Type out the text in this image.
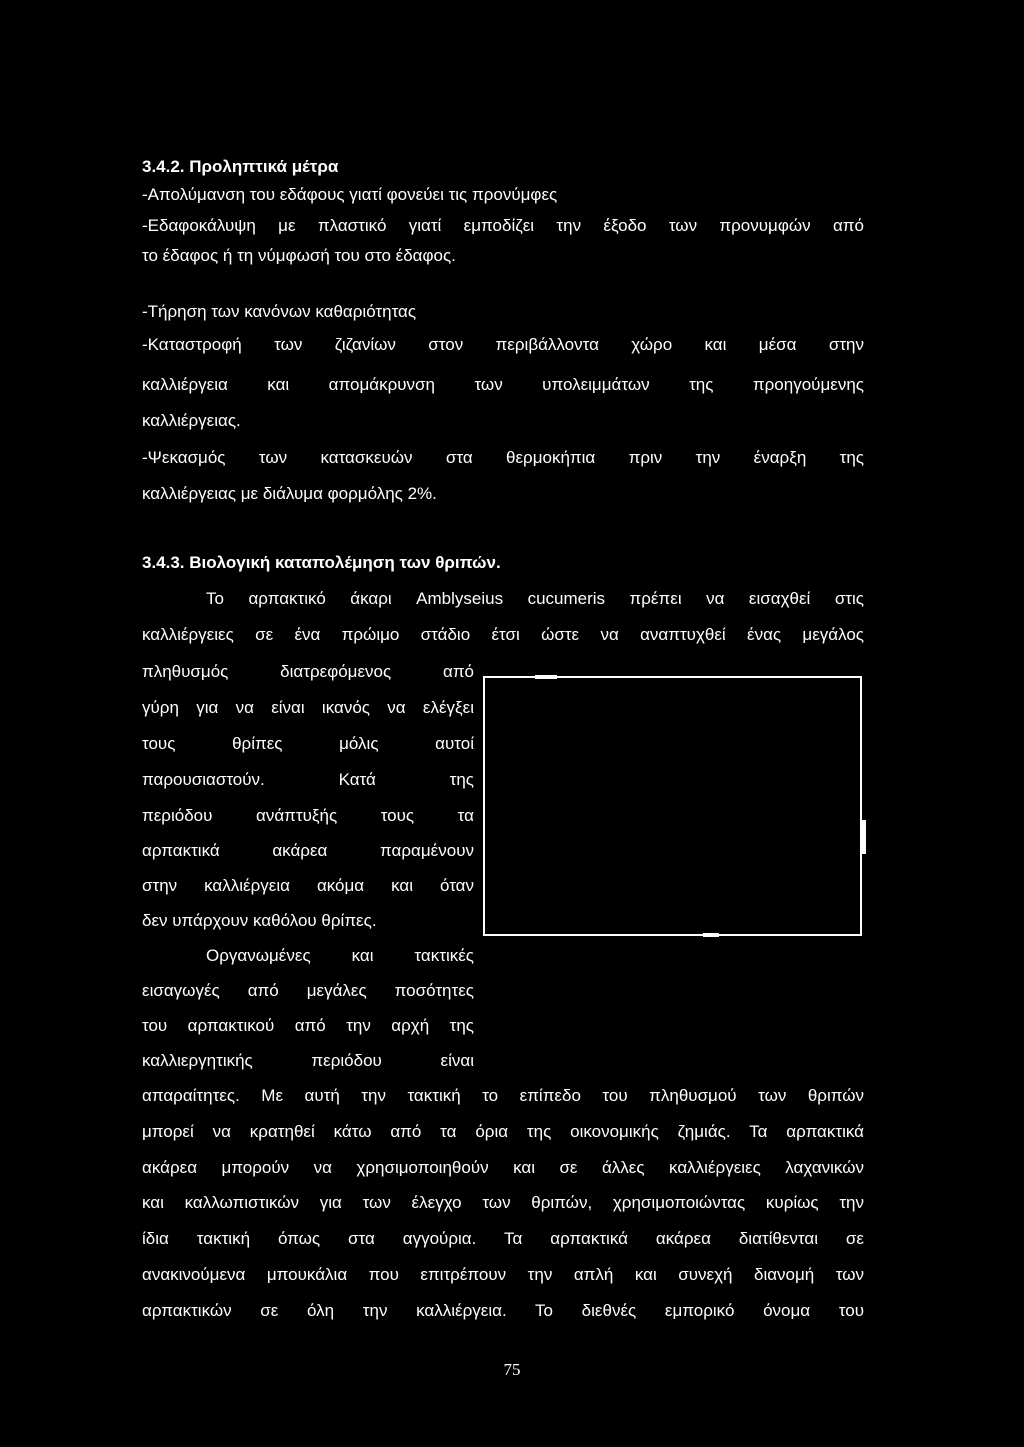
3.4.2. Προληπτικά μέτρα
-Απολύμανση του εδάφους γιατί φονεύει τις προνύμφες
-Εδαφοκάλυψη με πλαστικό γιατί εμποδίζει την έξοδο των προνυμφών από
το έδαφος ή τη νύμφωσή του στο έδαφος.
-Τήρηση των κανόνων καθαριότητας
-Καταστροφή των ζιζανίων στον περιβάλλοντα χώρο και μέσα στην
καλλιέργεια και απομάκρυνση των υπολειμμάτων της προηγούμενης
καλλιέργειας.
-Ψεκασμός των κατασκευών στα θερμοκήπια πριν την έναρξη της
καλλιέργειας με διάλυμα φορμόλης 2%.
3.4.3. Βιολογική καταπολέμηση των θριπών.
Το αρπακτικό άκαρι Amblyseius cucumeris πρέπει να εισαχθεί στις
καλλιέργειες σε ένα πρώιμο στάδιο έτσι ώστε να αναπτυχθεί ένας μεγάλος
πληθυσμός διατρεφόμενος από
γύρη για να είναι ικανός να ελέγξει
τους θρίπες μόλις αυτοί
παρουσιαστούν. Κατά της
περιόδου ανάπτυξής τους τα
αρπακτικά ακάρεα παραμένουν
στην καλλιέργεια ακόμα και όταν
δεν υπάρχουν καθόλου θρίπες.
Οργανωμένες και τακτικές
εισαγωγές από μεγάλες ποσότητες
του αρπακτικού από την αρχή της
καλλιεργητικής περιόδου είναι
απαραίτητες. Με αυτή την τακτική το επίπεδο του πληθυσμού των θριπών
μπορεί να κρατηθεί κάτω από τα όρια της οικονομικής ζημιάς. Τα αρπακτικά
ακάρεα μπορούν να χρησιμοποιηθούν και σε άλλες καλλιέργειες λαχανικών
και καλλωπιστικών για των έλεγχο των θριπών, χρησιμοποιώντας κυρίως την
ίδια τακτική όπως στα αγγούρια. Τα αρπακτικά ακάρεα διατίθενται σε
ανακινούμενα μπουκάλια που επιτρέπουν την απλή και συνεχή διανομή των
αρπακτικών σε όλη την καλλιέργεια. Το διεθνές εμπορικό όνομα του
75
